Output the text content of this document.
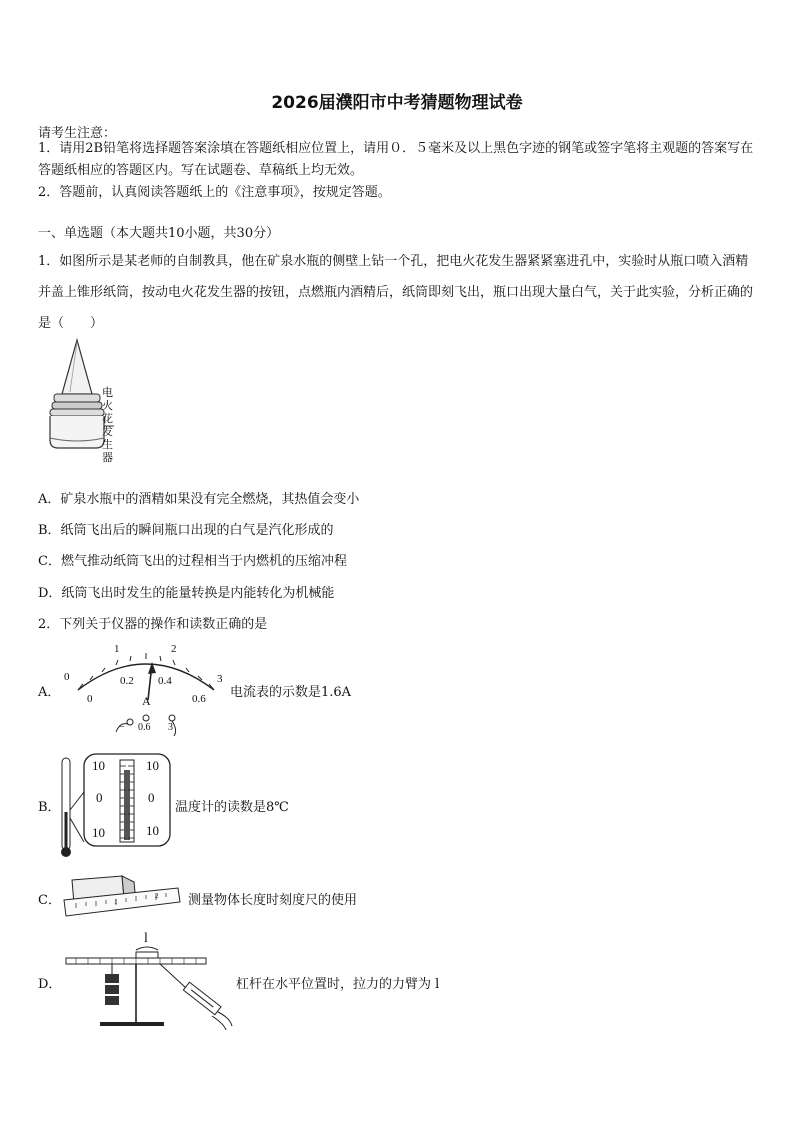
2026届濮阳市中考猜题物理试卷
请考生注意：
1．请用2B铅笔将选择题答案涂填在答题纸相应位置上，请用０．５毫米及以上黑色字迹的钢笔或签字笔将主观题的答案写在答题纸相应的答题区内。写在试题卷、草稿纸上均无效。
2．答题前，认真阅读答题纸上的《注意事项》，按规定答题。
一、单选题（本大题共10小题，共30分）
1．如图所示是某老师的自制教具，他在矿泉水瓶的侧壁上钻一个孔，把电火花发生器紧紧塞进孔中，实验时从瓶口喷入酒精并盖上锥形纸筒，按动电火花发生器的按钮，点燃瓶内酒精后，纸筒即刻飞出，瓶口出现大量白气，关于此实验，分析正确的是（　　）
电
火
花
发
生
器
A．矿泉水瓶中的酒精如果没有完全燃烧，其热值会变小
B．纸筒飞出后的瞬间瓶口出现的白气是汽化形成的
C．燃气推动纸筒飞出的过程相当于内燃机的压缩冲程
D．纸筒飞出时发生的能量转换是内能转化为机械能
2．下列关于仪器的操作和读数正确的是
A．
0
1	2
3
0
0.2 0.4
0.6
A
− 0.6 3
电流表的示数是1.6A
B．
10
0
10
10
0
10
温度计的读数是8℃
C．	1
2 测量物体长度时刻度尺的使用
D．
l
杠杆在水平位置时，拉力的力臂为 l
